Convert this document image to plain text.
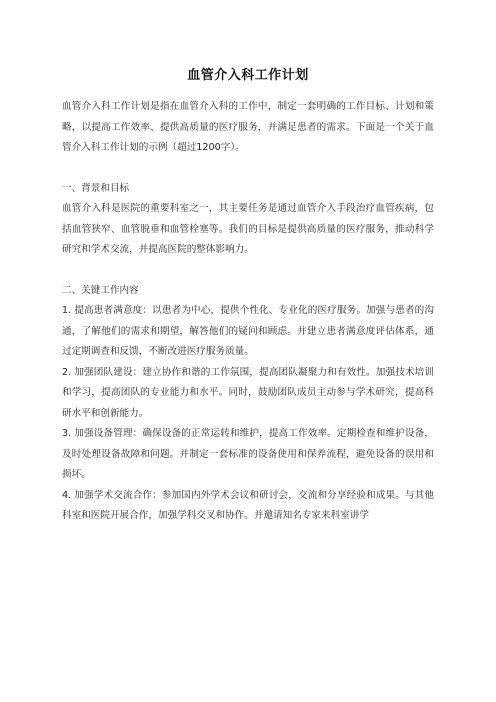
血管介入科工作计划

血管介入科工作计划是指在血管介入科的工作中，制定一套明确的工作目标、计划和策略，以提高工作效率、提供高质量的医疗服务，并满足患者的需求。下面是一个关于血管介入科工作计划的示例（超过1200字）。

一、背景和目标

血管介入科是医院的重要科室之一，其主要任务是通过血管介入手段治疗血管疾病，包括血管狭窄、血管脱垂和血管栓塞等。我们的目标是提供高质量的医疗服务，推动科学研究和学术交流，并提高医院的整体影响力。

二、关键工作内容

1. 提高患者满意度：以患者为中心，提供个性化、专业化的医疗服务。加强与患者的沟通，了解他们的需求和期望，解答他们的疑问和顾虑。并建立患者满意度评估体系，通过定期调查和反馈，不断改进医疗服务质量。

2. 加强团队建设：建立协作和谐的工作氛围，提高团队凝聚力和有效性。加强技术培训和学习，提高团队的专业能力和水平。同时，鼓励团队成员主动参与学术研究，提高科研水平和创新能力。

3. 加强设备管理：确保设备的正常运转和维护，提高工作效率。定期检查和维护设备，及时处理设备故障和问题。并制定一套标准的设备使用和保养流程，避免设备的误用和损坏。

4. 加强学术交流合作：参加国内外学术会议和研讨会，交流和分享经验和成果。与其他科室和医院开展合作，加强学科交叉和协作。并邀请知名专家来科室讲学
